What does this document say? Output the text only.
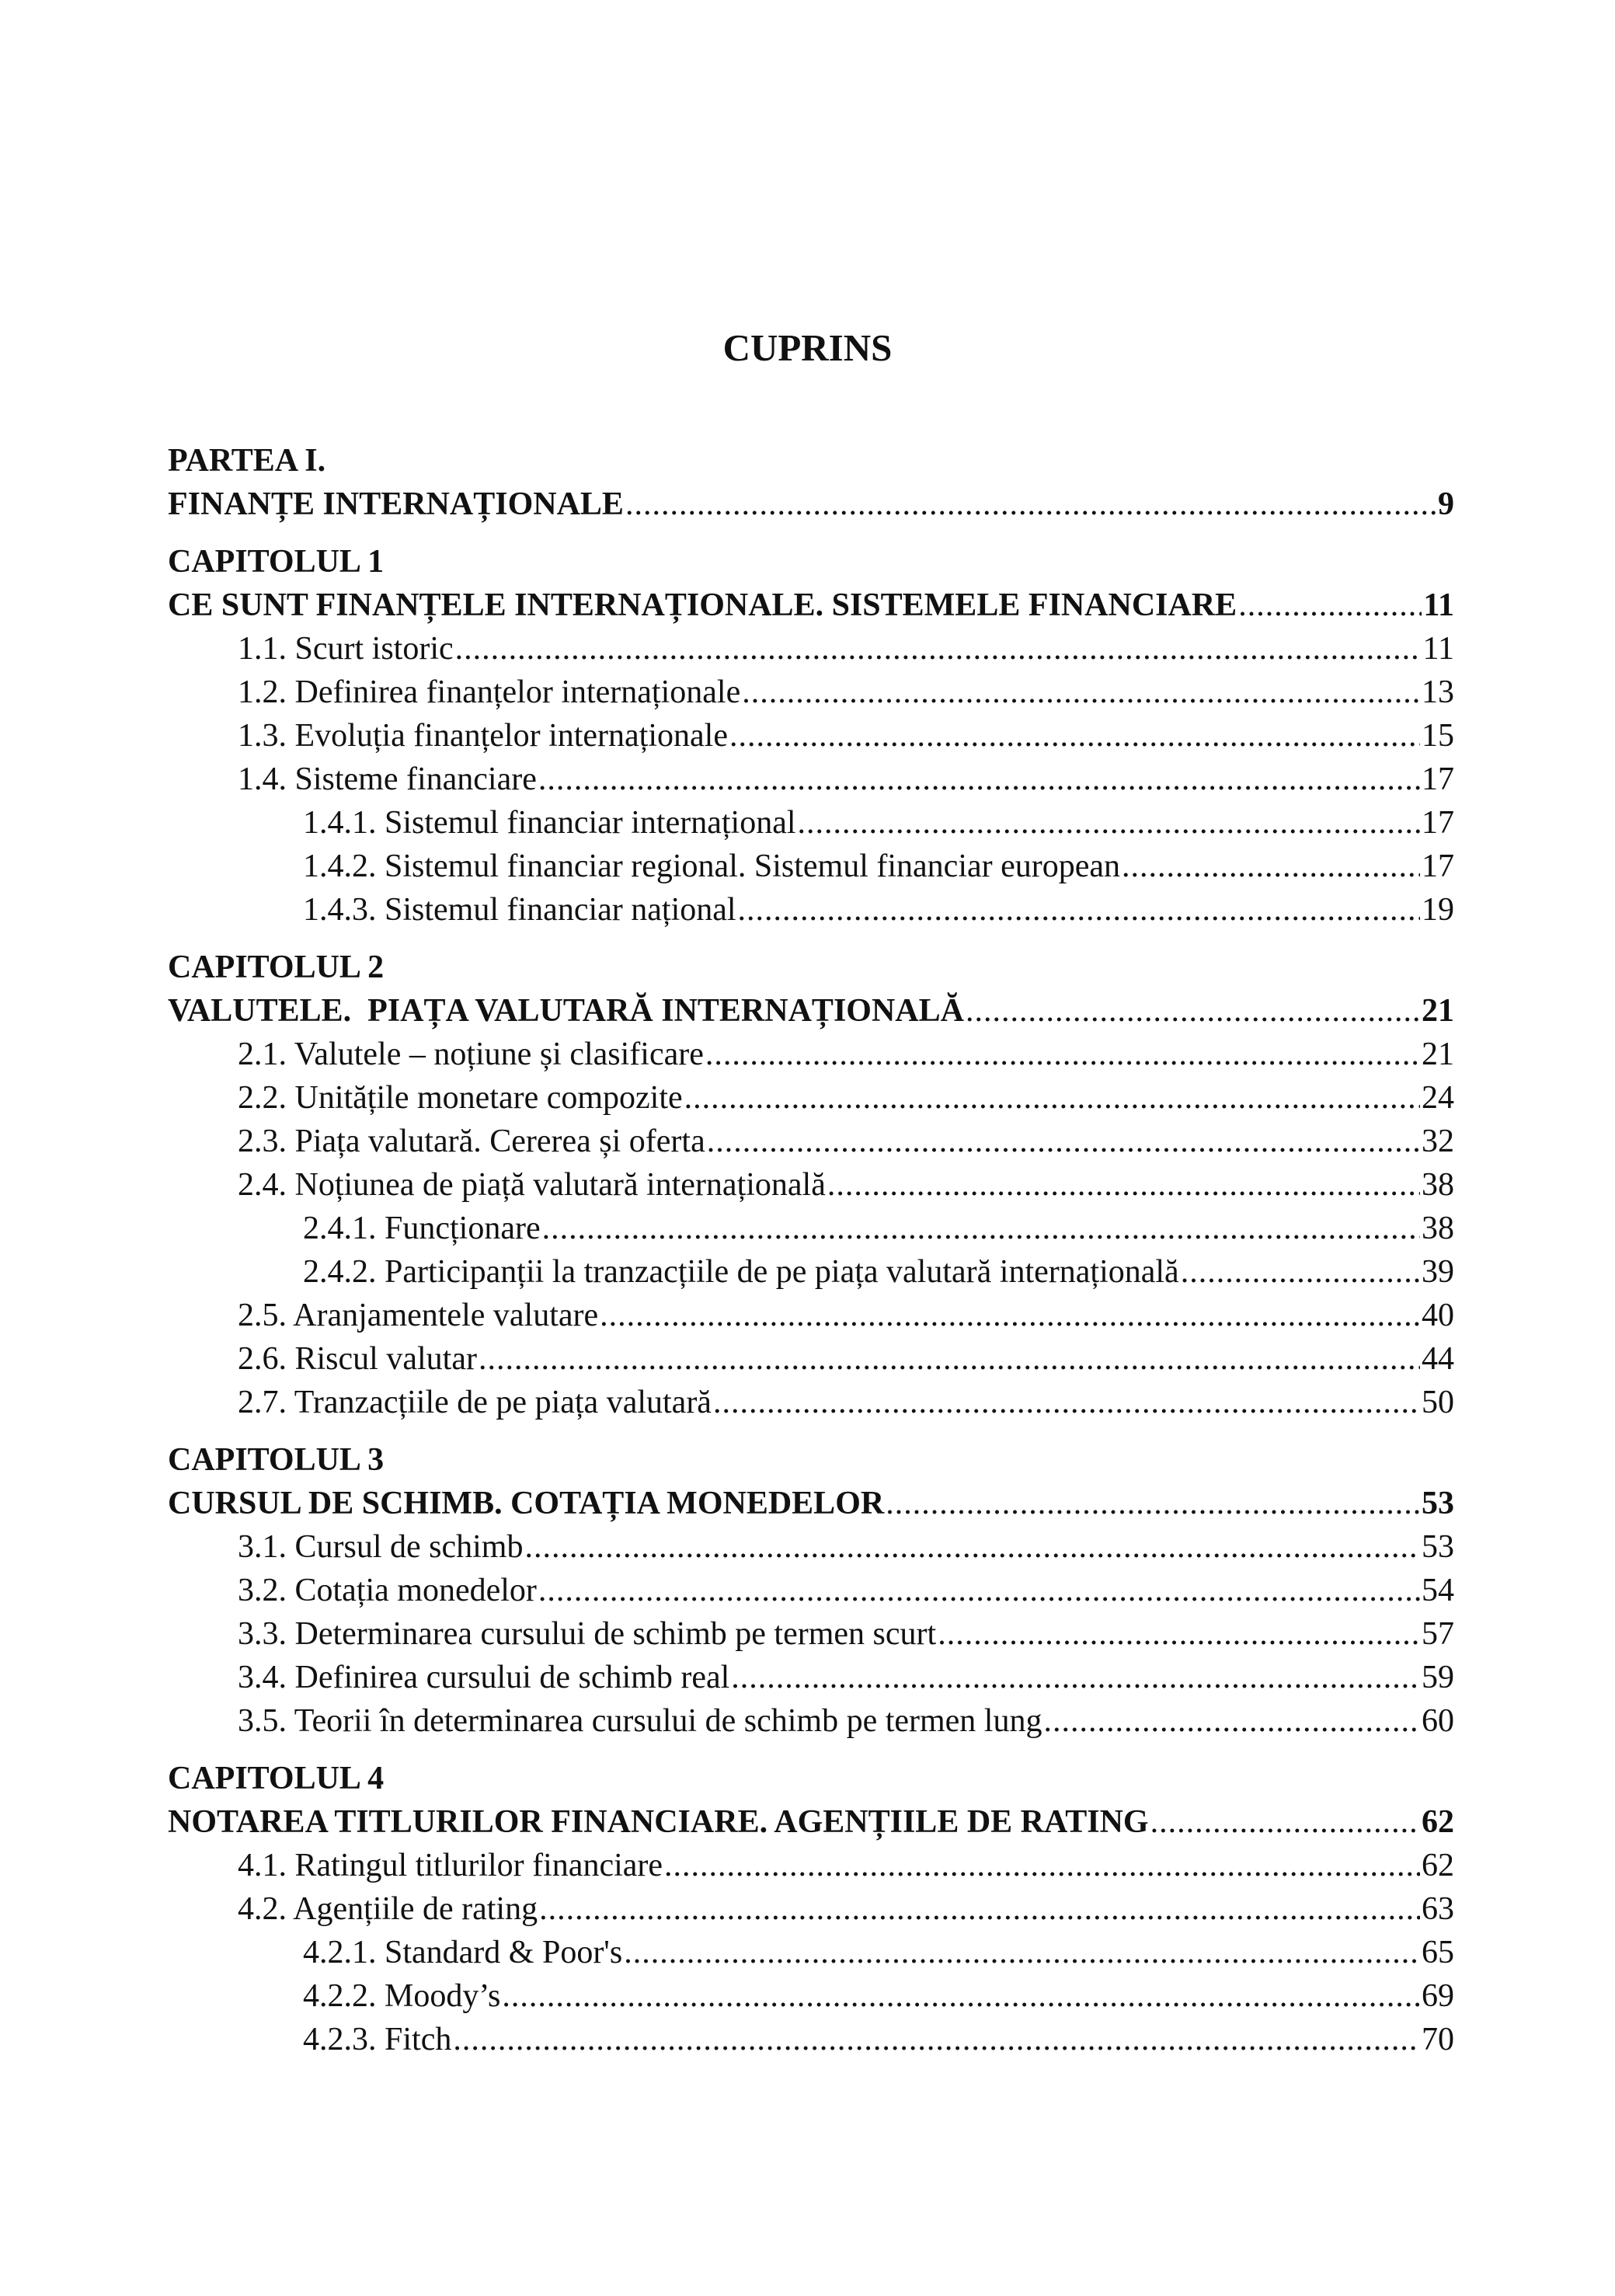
CUPRINS
PARTEA I.
FINANȚE INTERNAȚIONALE .....	9
CAPITOLUL 1
CE SUNT FINANȚELE INTERNAȚIONALE. SISTEMELE FINANCIARE .....	11
1.1. Scurt istoric .....	11
1.2. Definirea finanțelor internaționale .....	13
1.3. Evoluția finanțelor internaționale .....	15
1.4. Sisteme financiare .....	17
1.4.1. Sistemul financiar internațional .....	17
1.4.2. Sistemul financiar regional. Sistemul financiar european .....	17
1.4.3. Sistemul financiar național .....	19
CAPITOLUL 2
VALUTELE.  PIAȚA VALUTARĂ INTERNAȚIONALĂ .....	21
2.1. Valutele – noțiune și clasificare .....	21
2.2. Unitățile monetare compozite .....	24
2.3. Piața valutară. Cererea și oferta .....	32
2.4. Noțiunea de piață valutară internațională .....	38
2.4.1. Funcționare .....	38
2.4.2. Participanții la tranzacțiile de pe piața valutară internațională .....	39
2.5. Aranjamentele valutare .....	40
2.6. Riscul valutar .....	44
2.7. Tranzacțiile de pe piața valutară .....	50
CAPITOLUL 3
CURSUL DE SCHIMB. COTAȚIA MONEDELOR .....	53
3.1. Cursul de schimb .....	53
3.2. Cotația monedelor .....	54
3.3. Determinarea cursului de schimb pe termen scurt .....	57
3.4. Definirea cursului de schimb real .....	59
3.5. Teorii în determinarea cursului de schimb pe termen lung .....	60
CAPITOLUL 4
NOTAREA TITLURILOR FINANCIARE. AGENȚIILE DE RATING .....	62
4.1. Ratingul titlurilor financiare .....	62
4.2. Agențiile de rating .....	63
4.2.1. Standard & Poor's .....	65
4.2.2. Moody’s .....	69
4.2.3. Fitch .....	70
